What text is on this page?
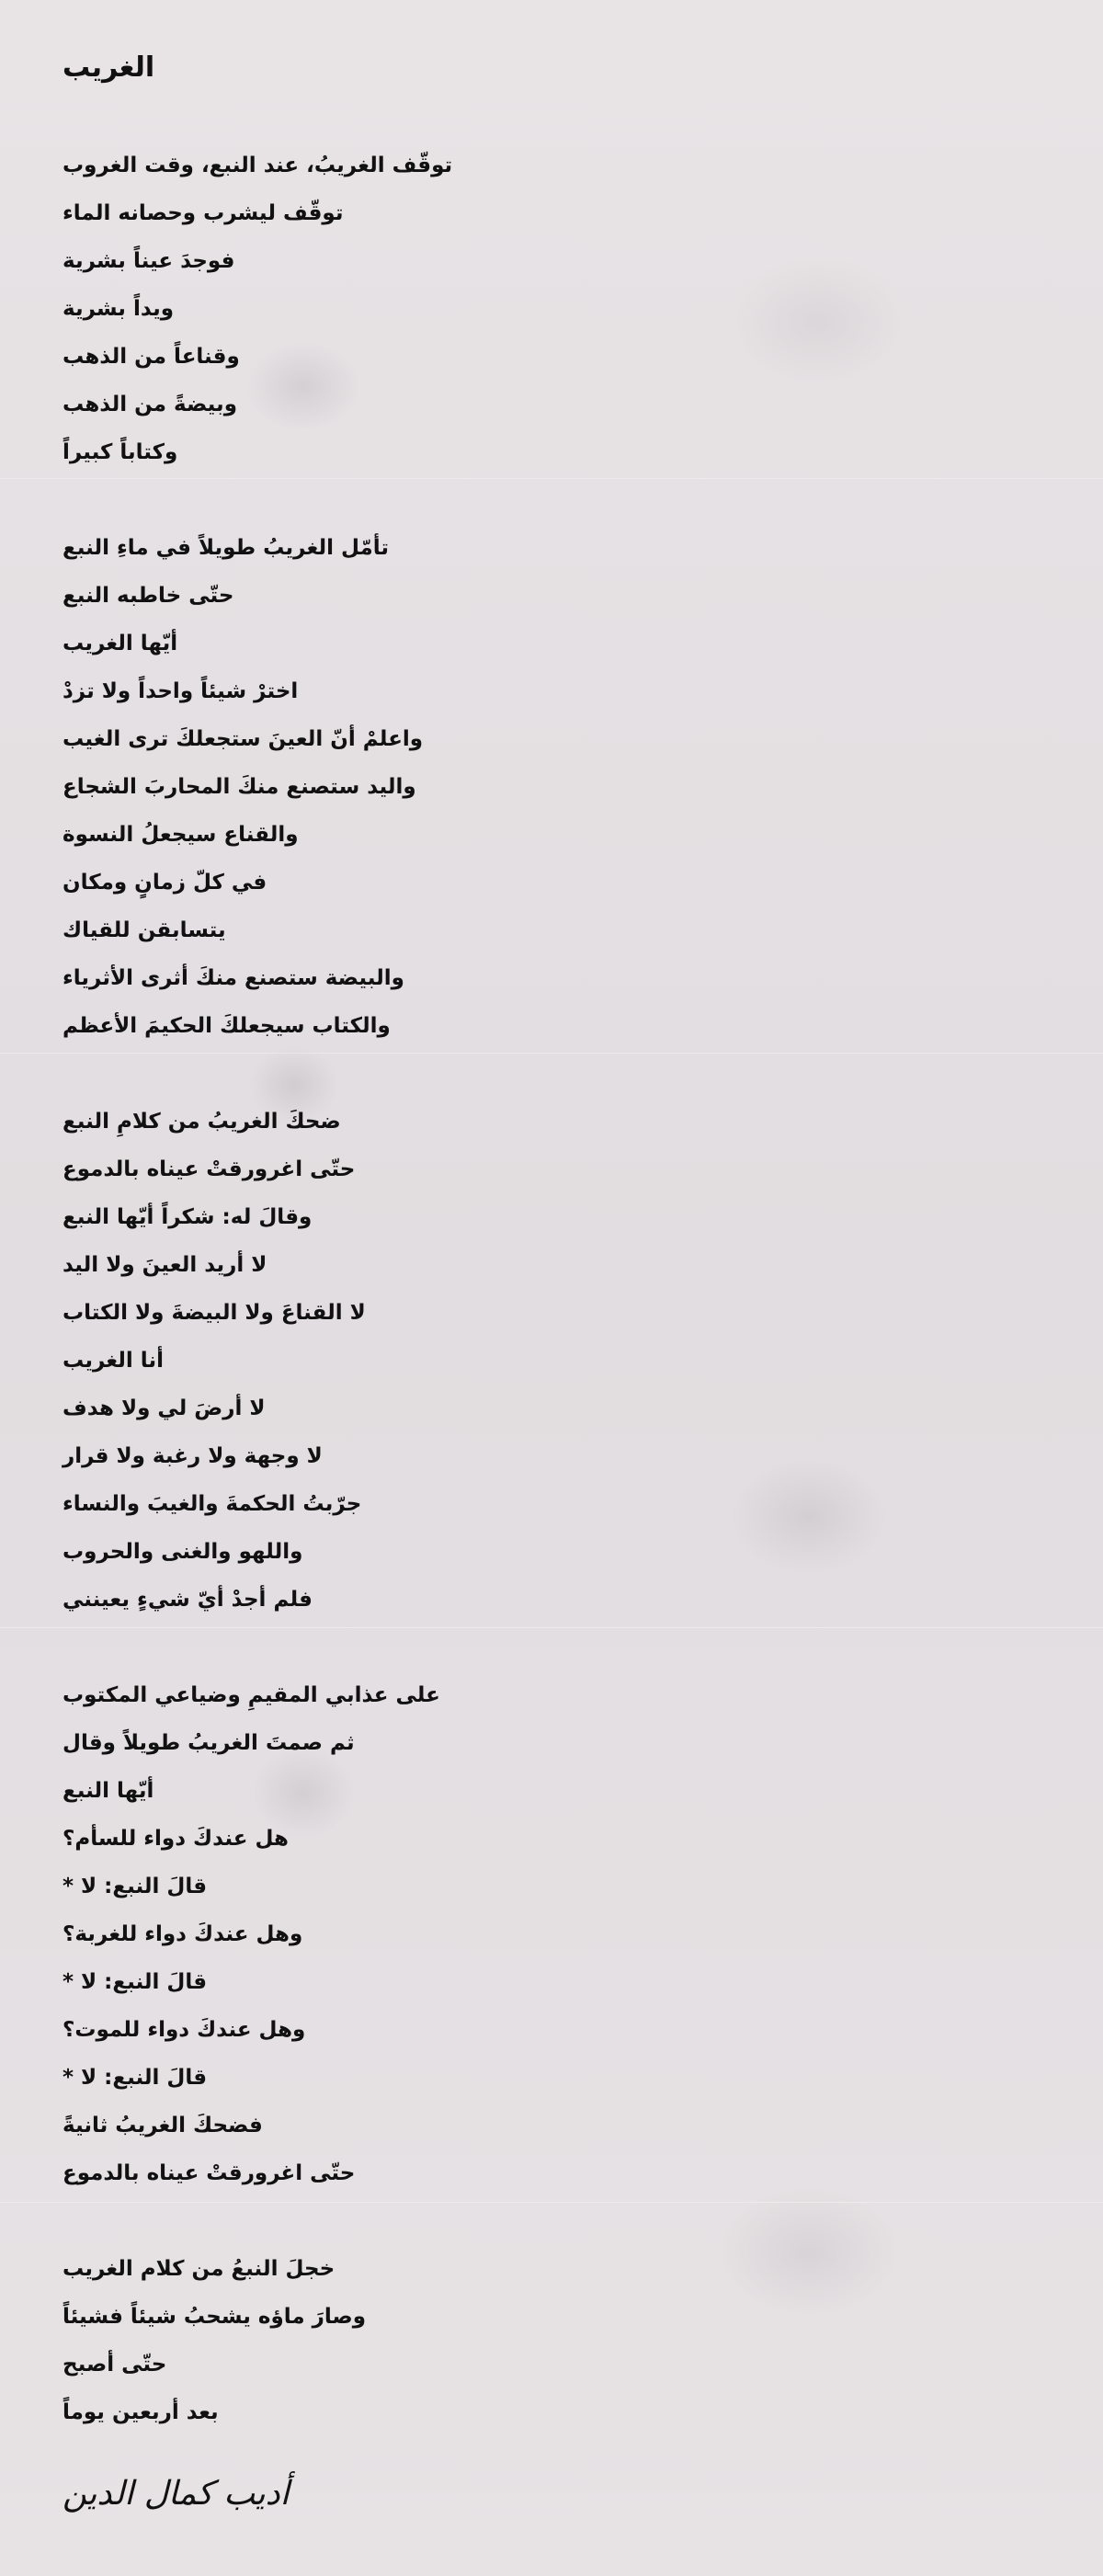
الغريب
توقّف الغريبُ، عند النبع، وقت الغروب
توقّف ليشرب وحصانه الماء
فوجدَ عيناً بشرية
ويداً بشرية
وقناعاً من الذهب
وبيضةً من الذهب
وكتاباً كبيراً
تأمّل الغريبُ طويلاً في ماءِ النبع
حتّى خاطبه النبع
أيّها الغريب
اخترْ شيئاً واحداً ولا تزدْ
واعلمْ أنّ العينَ ستجعلكَ ترى الغيب
واليد ستصنع منكَ المحاربَ الشجاع
والقناع سيجعلُ النسوة
في كلّ زمانٍ ومكان
يتسابقن للقياك
والبيضة ستصنع منكَ أثرى الأثرياء
والكتاب سيجعلكَ الحكيمَ الأعظم
ضحكَ الغريبُ من كلامِ النبع
حتّى اغرورقتْ عيناه بالدموع
وقالَ له: شكراً أيّها النبع
لا أريد العينَ ولا اليد
لا القناعَ ولا البيضةَ ولا الكتاب
أنا الغريب
لا أرضَ لي ولا هدف
لا وجهة ولا رغبة ولا قرار
جرّبتُ الحكمةَ والغيبَ والنساء
واللهو والغنى والحروب
فلم أجدْ أيّ شيءٍ يعينني
على عذابي المقيمِ وضياعي المكتوب
ثم صمتَ الغريبُ طويلاً وقال
أيّها النبع
هل عندكَ دواء للسأم؟
قالَ النبع: لا *
وهل عندكَ دواء للغربة؟
قالَ النبع: لا *
وهل عندكَ دواء للموت؟
قالَ النبع: لا *
فضحكَ الغريبُ ثانيةً
حتّى اغرورقتْ عيناه بالدموع
خجلَ النبعُ من كلام الغريب
وصارَ ماؤه يشحبُ شيئاً فشيئاً
حتّى أصبح
بعد أربعين يوماً
أديب كمال الدين
